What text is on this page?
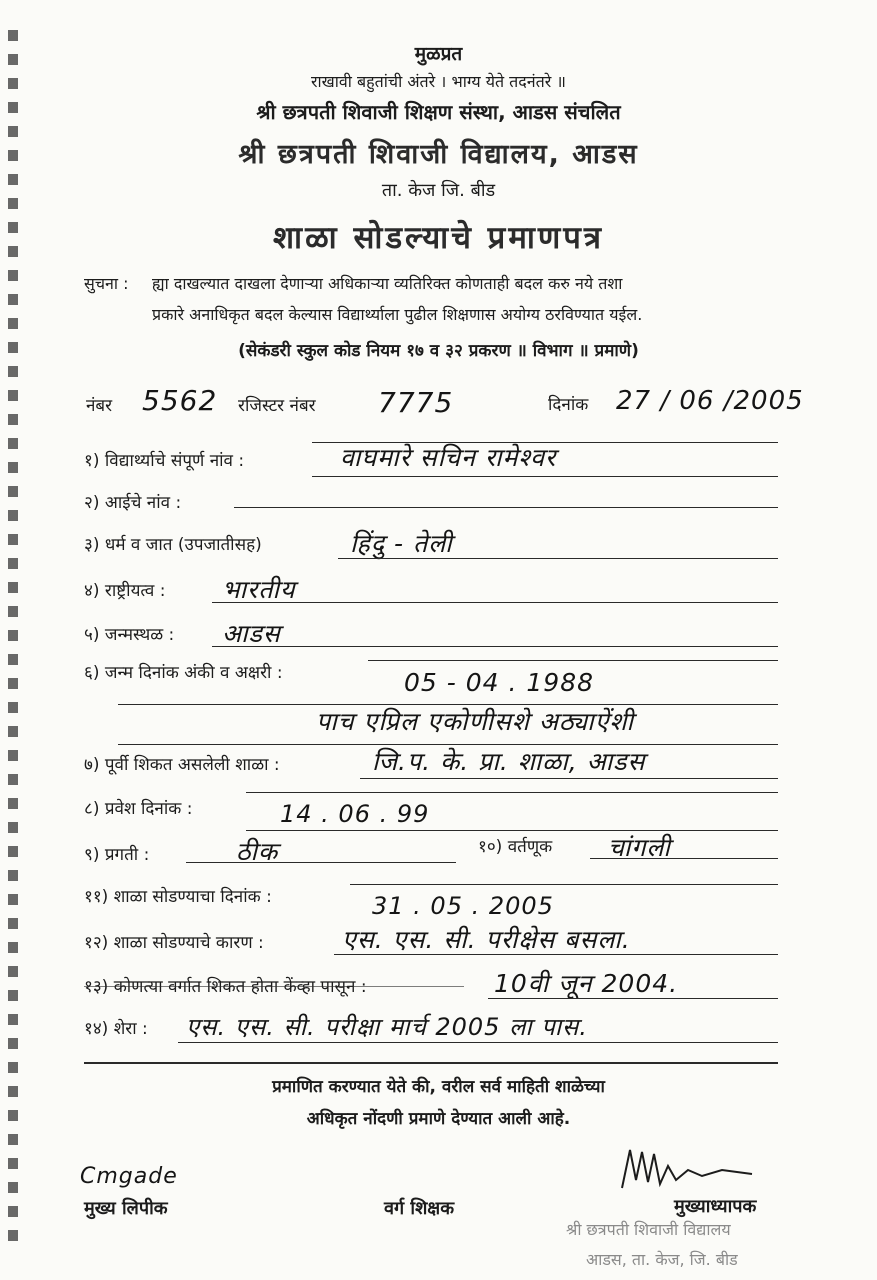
मुळप्रत
राखावी बहुतांची अंतरे । भाग्य येते तदनंतरे ॥
श्री छत्रपती शिवाजी शिक्षण संस्था, आडस संचलित
श्री छत्रपती शिवाजी विद्यालय, आडस
ता. केज जि. बीड
शाळा सोडल्याचे प्रमाणपत्र
सुचना : ह्या दाखल्यात दाखला देणाऱ्या अधिकाऱ्या व्यतिरिक्त कोणताही बदल करु नये तशा
प्रकारे अनाधिकृत बदल केल्यास विद्यार्थ्याला पुढील शिक्षणास अयोग्य ठरविण्यात यईल.
(सेकंडरी स्कुल कोड नियम १७ व ३२ प्रकरण ॥ विभाग ॥ प्रमाणे)
नंबर 5562 रजिस्टर नंबर 7775	दिनांक 27 / 06 /2005
१) विद्यार्थ्याचे संपूर्ण नांव :	वाघमारे सचिन रामेश्वर
२) आईचे नांव :
३) धर्म व जात (उपजातीसह)	हिंदु - तेली
४) राष्ट्रीयत्व : भारतीय
५) जन्मस्थळ : आडस
६) जन्म दिनांक अंकी व अक्षरी :	05 - 04 . 1988
पाच एप्रिल एकोणीसशे अठ्याऐंशी
७) पूर्वी शिकत असलेली शाळा :	जि.प. के. प्रा. शाळा, आडस
८) प्रवेश दिनांक :	14 . 06 . 99
९) प्रगती :	ठीक	१०) वर्तणूक चांगली
११) शाळा सोडण्याचा दिनांक :	31 . 05 . 2005
१२) शाळा सोडण्याचे कारण :	एस. एस. सी. परीक्षेस बसला.
१३) कोणत्या वर्गात शिकत होता केंव्हा पासून :	10वी जून 2004.
१४) शेरा : एस. एस. सी. परीक्षा मार्च 2005 ला पास.
प्रमाणित करण्यात येते की, वरील सर्व माहिती शाळेच्या
अधिकृत नोंदणी प्रमाणे देण्यात आली आहे.
Cmgade
मुख्य लिपीक	वर्ग शिक्षक	मुख्याध्यापक
श्री छत्रपती शिवाजी विद्यालय
आडस, ता. केज, जि. बीड
